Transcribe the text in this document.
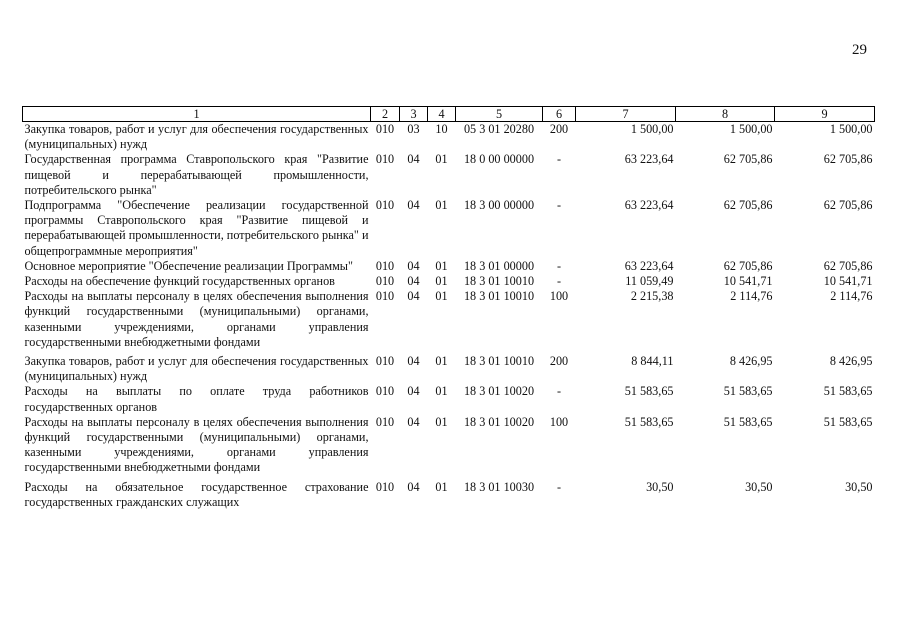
29
1	2	3	4	5	6	7	8	9
Закупка товаров, работ и услуг для обеспечения государственных (муниципальных) нужд	010	03	10	05 3 01 20280	200	1 500,00	1 500,00	1 500,00
Государственная программа Ставропольского края "Развитие пищевой и перерабатывающей промышленности, потребительского рынка"	010	04	01	18 0 00 00000	-	63 223,64	62 705,86	62 705,86
Подпрограмма "Обеспечение реализации государственной программы Ставропольского края "Развитие пищевой и перерабатывающей промышленности, потребительского рынка" и общепрограммные мероприятия"	010	04	01	18 3 00 00000	-	63 223,64	62 705,86	62 705,86
Основное мероприятие "Обеспечение реализации Программы"	010	04	01	18 3 01 00000	-	63 223,64	62 705,86	62 705,86
Расходы на обеспечение функций государственных органов	010	04	01	18 3 01 10010	-	11 059,49	10 541,71	10 541,71
Расходы на выплаты персоналу в целях обеспечения выполнения функций государственными (муниципальными) органами, казенными учреждениями, органами управления государственными внебюджетными фондами	010	04	01	18 3 01 10010	100	2 215,38	2 114,76	2 114,76
Закупка товаров, работ и услуг для обеспечения государственных (муниципальных) нужд	010	04	01	18 3 01 10010	200	8 844,11	8 426,95	8 426,95
Расходы на выплаты по оплате труда работников государственных органов	010	04	01	18 3 01 10020	-	51 583,65	51 583,65	51 583,65
Расходы на выплаты персоналу в целях обеспечения выполнения функций государственными (муниципальными) органами, казенными учреждениями, органами управления государственными внебюджетными фондами	010	04	01	18 3 01 10020	100	51 583,65	51 583,65	51 583,65
Расходы на обязательное государственное страхование государственных гражданских служащих	010	04	01	18 3 01 10030	-	30,50	30,50	30,50
